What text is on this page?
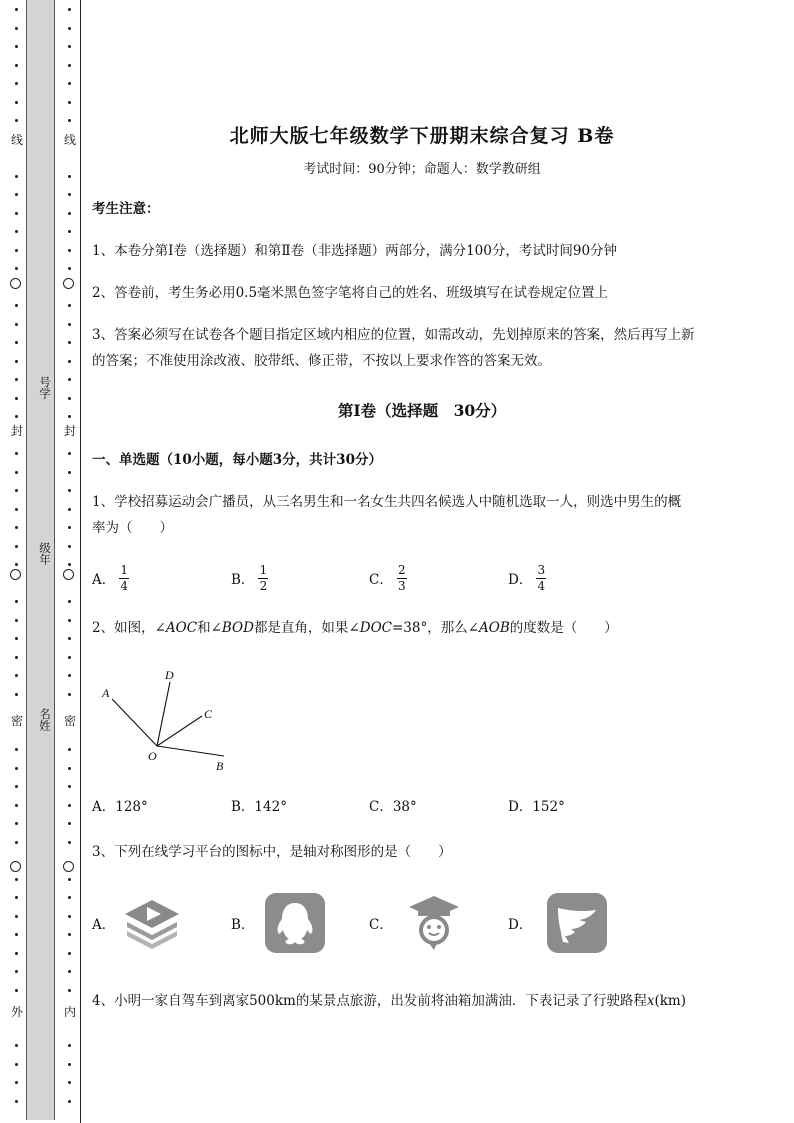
线
封
密
外
线
封
密
内
号学
级年
名姓
北师大版七年级数学下册期末综合复习 B卷
考试时间：90分钟；命题人：数学教研组
考生注意：
1、本卷分第I卷（选择题）和第Ⅱ卷（非选择题）两部分，满分100分，考试时间90分钟
2、答卷前，考生务必用0.5毫米黑色签字笔将自己的姓名、班级填写在试卷规定位置上
3、答案必须写在试卷各个题目指定区域内相应的位置，如需改动，先划掉原来的答案，然后再写上新
的答案；不准使用涂改液、胶带纸、修正带，不按以上要求作答的答案无效。
第I卷（选择题　30分）
一、单选题（10小题，每小题3分，共计30分）
1、学校招募运动会广播员，从三名男生和一名女生共四名候选人中随机选取一人，则选中男生的概
率为（　　）
A． $\frac{1}{4}$	B． $\frac{1}{2}$	C． $\frac{2}{3}$	D． $\frac{3}{4}$
2、如图，∠AOC和∠BOD都是直角，如果∠DOC=38°，那么∠AOB的度数是（　　）
A
D
C
O
B
A．128°	B．142°	C．38°	D．152°
3、下列在线学习平台的图标中，是轴对称图形的是（　　）
A．	B．	C．	D．
4、小明一家自驾车到离家500km的某景点旅游，出发前将油箱加满油．下表记录了行驶路程x(km)
